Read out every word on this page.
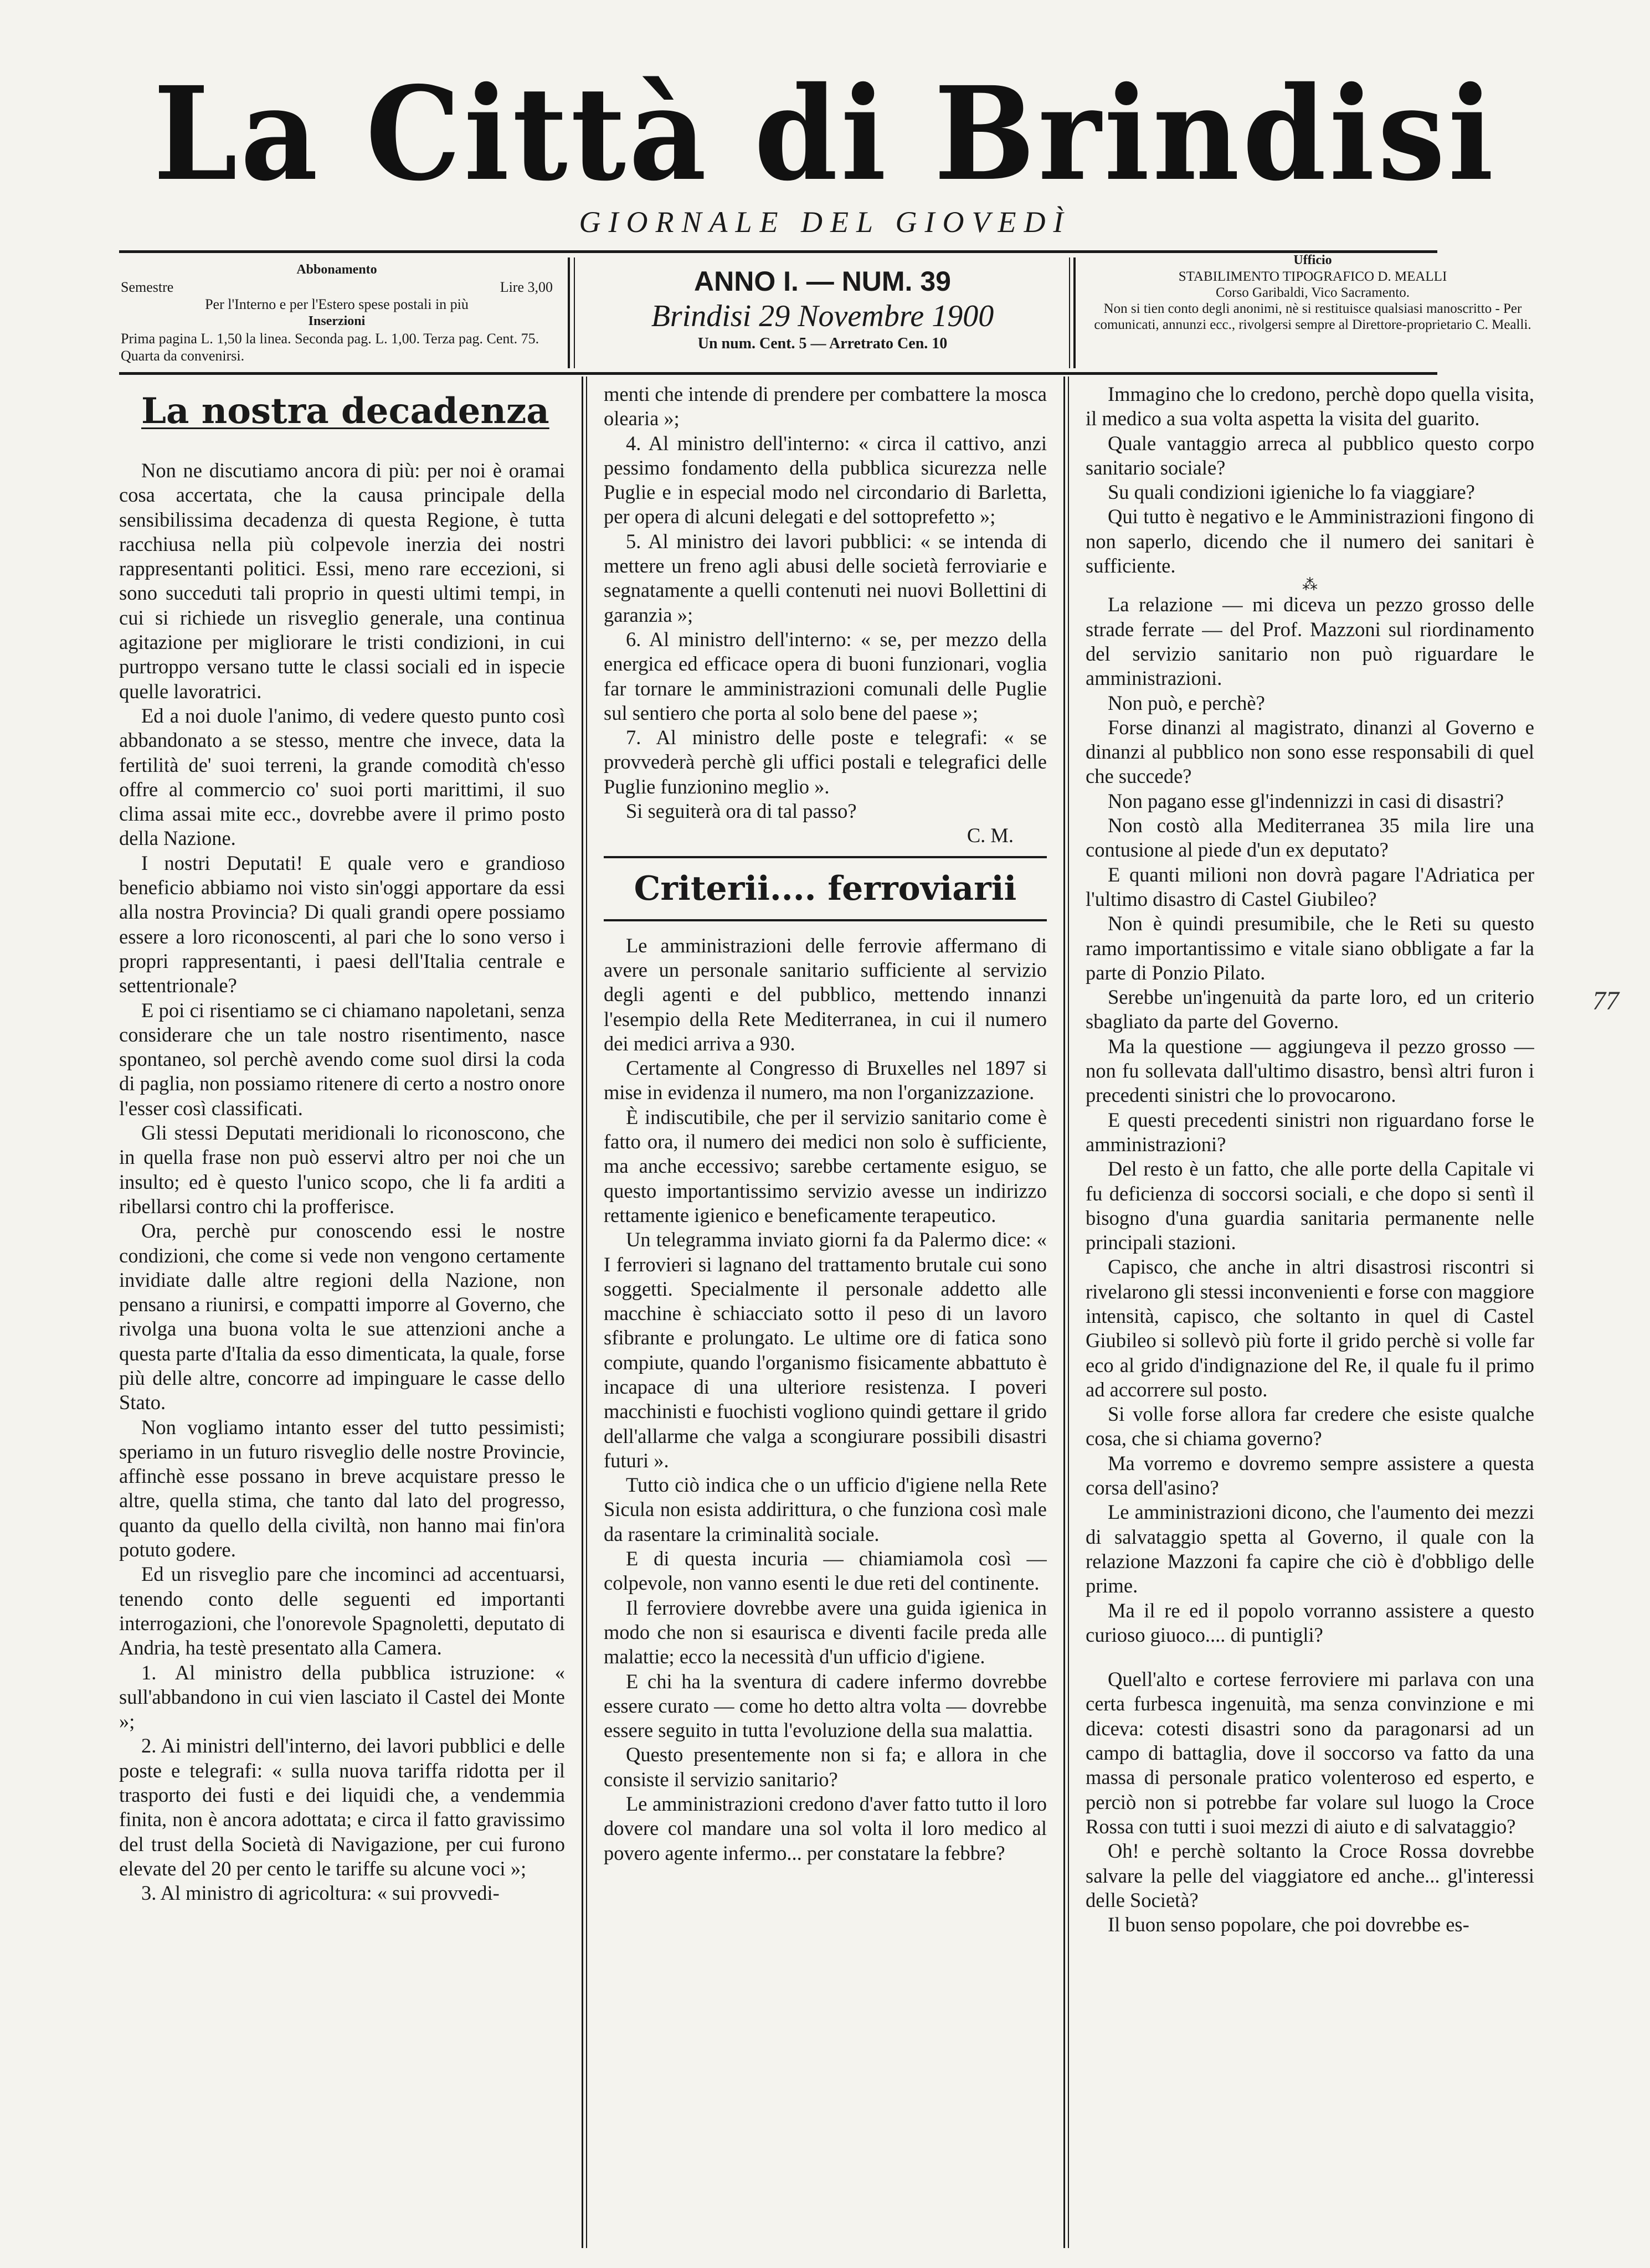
La Città di Brindisi
GIORNALE DEL GIOVEDÌ
Abbonamento
Semestre	Lire 3,00
Per l'Interno e per l'Estero spese postali in più
Inserzioni
Prima pagina L. 1,50 la linea. Seconda pag. L. 1,00. Terza pag. Cent. 75. Quarta da convenirsi.
ANNO I. — NUM. 39
Brindisi 29 Novembre 1900
Un num. Cent. 5 — Arretrato Cen. 10
Ufficio
STABILIMENTO TIPOGRAFICO D. MEALLI
Corso Garibaldi, Vico Sacramento.
Non si tien conto degli anonimi, nè si restituisce qualsiasi manoscritto - Per comunicati, annunzi ecc., rivolgersi sempre al Direttore-proprietario C. Mealli.
La nostra decadenza

Non ne discutiamo ancora di più: per noi è oramai cosa accertata, che la causa principale della sensibilissima decadenza di questa Regione, è tutta racchiusa nella più colpevole inerzia dei nostri rappresentanti politici. Essi, meno rare eccezioni, si sono succeduti tali proprio in questi ultimi tempi, in cui si richiede un risveglio generale, una continua agitazione per migliorare le tristi condizioni, in cui purtroppo versano tutte le classi sociali ed in ispecie quelle lavoratrici.

Ed a noi duole l'animo, di vedere questo punto così abbandonato a se stesso, mentre che invece, data la fertilità de' suoi terreni, la grande comodità ch'esso offre al commercio co' suoi porti marittimi, il suo clima assai mite ecc., dovrebbe avere il primo posto della Nazione.

I nostri Deputati! E quale vero e grandioso beneficio abbiamo noi visto sin'oggi apportare da essi alla nostra Provincia? Di quali grandi opere possiamo essere a loro riconoscenti, al pari che lo sono verso i propri rappresentanti, i paesi dell'Italia centrale e settentrionale?

E poi ci risentiamo se ci chiamano napoletani, senza considerare che un tale nostro risentimento, nasce spontaneo, sol perchè avendo come suol dirsi la coda di paglia, non possiamo ritenere di certo a nostro onore l'esser così classificati.

Gli stessi Deputati meridionali lo riconoscono, che in quella frase non può esservi altro per noi che un insulto; ed è questo l'unico scopo, che li fa arditi a ribellarsi contro chi la profferisce.

Ora, perchè pur conoscendo essi le nostre condizioni, che come si vede non vengono certamente invidiate dalle altre regioni della Nazione, non pensano a riunirsi, e compatti imporre al Governo, che rivolga una buona volta le sue attenzioni anche a questa parte d'Italia da esso dimenticata, la quale, forse più delle altre, concorre ad impinguare le casse dello Stato.

Non vogliamo intanto esser del tutto pessimisti; speriamo in un futuro risveglio delle nostre Provincie, affinchè esse possano in breve acquistare presso le altre, quella stima, che tanto dal lato del progresso, quanto da quello della civiltà, non hanno mai fin'ora potuto godere.

Ed un risveglio pare che incominci ad accentuarsi, tenendo conto delle seguenti ed importanti interrogazioni, che l'onorevole Spagnoletti, deputato di Andria, ha testè presentato alla Camera.

1. Al ministro della pubblica istruzione: « sull'abbandono in cui vien lasciato il Castel dei Monte »;

2. Ai ministri dell'interno, dei lavori pubblici e delle poste e telegrafi: « sulla nuova tariffa ridotta per il trasporto dei fusti e dei liquidi che, a vendemmia finita, non è ancora adottata; e circa il fatto gravissimo del trust della Società di Navigazione, per cui furono elevate del 20 per cento le tariffe su alcune voci »;

3. Al ministro di agricoltura: « sui provvedi-

menti che intende di prendere per combattere la mosca olearia »;

4. Al ministro dell'interno: « circa il cattivo, anzi pessimo fondamento della pubblica sicurezza nelle Puglie e in especial modo nel circondario di Barletta, per opera di alcuni delegati e del sottoprefetto »;

5. Al ministro dei lavori pubblici: « se intenda di mettere un freno agli abusi delle società ferroviarie e segnatamente a quelli contenuti nei nuovi Bollettini di garanzia »;

6. Al ministro dell'interno: « se, per mezzo della energica ed efficace opera di buoni funzionari, voglia far tornare le amministrazioni comunali delle Puglie sul sentiero che porta al solo bene del paese »;

7. Al ministro delle poste e telegrafi: « se provvederà perchè gli uffici postali e telegrafici delle Puglie funzionino meglio ».

Si seguiterà ora di tal passo?

C. M.

Criterii.... ferroviarii

Le amministrazioni delle ferrovie affermano di avere un personale sanitario sufficiente al servizio degli agenti e del pubblico, mettendo innanzi l'esempio della Rete Mediterranea, in cui il numero dei medici arriva a 930.

Certamente al Congresso di Bruxelles nel 1897 si mise in evidenza il numero, ma non l'organizzazione.

È indiscutibile, che per il servizio sanitario come è fatto ora, il numero dei medici non solo è sufficiente, ma anche eccessivo; sarebbe certamente esiguo, se questo importantissimo servizio avesse un indirizzo rettamente igienico e beneficamente terapeutico.

Un telegramma inviato giorni fa da Palermo dice: « I ferrovieri si lagnano del trattamento brutale cui sono soggetti. Specialmente il personale addetto alle macchine è schiacciato sotto il peso di un lavoro sfibrante e prolungato. Le ultime ore di fatica sono compiute, quando l'organismo fisicamente abbattuto è incapace di una ulteriore resistenza. I poveri macchinisti e fuochisti vogliono quindi gettare il grido dell'allarme che valga a scongiurare possibili disastri futuri ».

Tutto ciò indica che o un ufficio d'igiene nella Rete Sicula non esista addirittura, o che funziona così male da rasentare la criminalità sociale.

E di questa incuria — chiamiamola così — colpevole, non vanno esenti le due reti del continente.

Il ferroviere dovrebbe avere una guida igienica in modo che non si esaurisca e diventi facile preda alle malattie; ecco la necessità d'un ufficio d'igiene.

E chi ha la sventura di cadere infermo dovrebbe essere curato — come ho detto altra volta — dovrebbe essere seguito in tutta l'evoluzione della sua malattia.

Questo presentemente non si fa; e allora in che consiste il servizio sanitario?

Le amministrazioni credono d'aver fatto tutto il loro dovere col mandare una sol volta il loro medico al povero agente infermo... per constatare la febbre?

Immagino che lo credono, perchè dopo quella visita, il medico a sua volta aspetta la visita del guarito.

Quale vantaggio arreca al pubblico questo corpo sanitario sociale?

Su quali condizioni igieniche lo fa viaggiare?

Qui tutto è negativo e le Amministrazioni fingono di non saperlo, dicendo che il numero dei sanitari è sufficiente.

⁂

La relazione — mi diceva un pezzo grosso delle strade ferrate — del Prof. Mazzoni sul riordinamento del servizio sanitario non può riguardare le amministrazioni.

Non può, e perchè?

Forse dinanzi al magistrato, dinanzi al Governo e dinanzi al pubblico non sono esse responsabili di quel che succede?

Non pagano esse gl'indennizzi in casi di disastri?

Non costò alla Mediterranea 35 mila lire una contusione al piede d'un ex deputato?

E quanti milioni non dovrà pagare l'Adriatica per l'ultimo disastro di Castel Giubileo?

Non è quindi presumibile, che le Reti su questo ramo importantissimo e vitale siano obbligate a far la parte di Ponzio Pilato.

Serebbe un'ingenuità da parte loro, ed un criterio sbagliato da parte del Governo.

Ma la questione — aggiungeva il pezzo grosso — non fu sollevata dall'ultimo disastro, bensì altri furon i precedenti sinistri che lo provocarono.

E questi precedenti sinistri non riguardano forse le amministrazioni?

Del resto è un fatto, che alle porte della Capitale vi fu deficienza di soccorsi sociali, e che dopo si sentì il bisogno d'una guardia sanitaria permanente nelle principali stazioni.

Capisco, che anche in altri disastrosi riscontri si rivelarono gli stessi inconvenienti e forse con maggiore intensità, capisco, che soltanto in quel di Castel Giubileo si sollevò più forte il grido perchè si volle far eco al grido d'indignazione del Re, il quale fu il primo ad accorrere sul posto.

Si volle forse allora far credere che esiste qualche cosa, che si chiama governo?

Ma vorremo e dovremo sempre assistere a questa corsa dell'asino?

Le amministrazioni dicono, che l'aumento dei mezzi di salvataggio spetta al Governo, il quale con la relazione Mazzoni fa capire che ciò è d'obbligo delle prime.

Ma il re ed il popolo vorranno assistere a questo curioso giuoco.... di puntigli?

Quell'alto e cortese ferroviere mi parlava con una certa furbesca ingenuità, ma senza convinzione e mi diceva: cotesti disastri sono da paragonarsi ad un campo di battaglia, dove il soccorso va fatto da una massa di personale pratico volenteroso ed esperto, e perciò non si potrebbe far volare sul luogo la Croce Rossa con tutti i suoi mezzi di aiuto e di salvataggio?

Oh! e perchè soltanto la Croce Rossa dovrebbe salvare la pelle del viaggiatore ed anche... gl'interessi delle Società?

Il buon senso popolare, che poi dovrebbe es-

77
